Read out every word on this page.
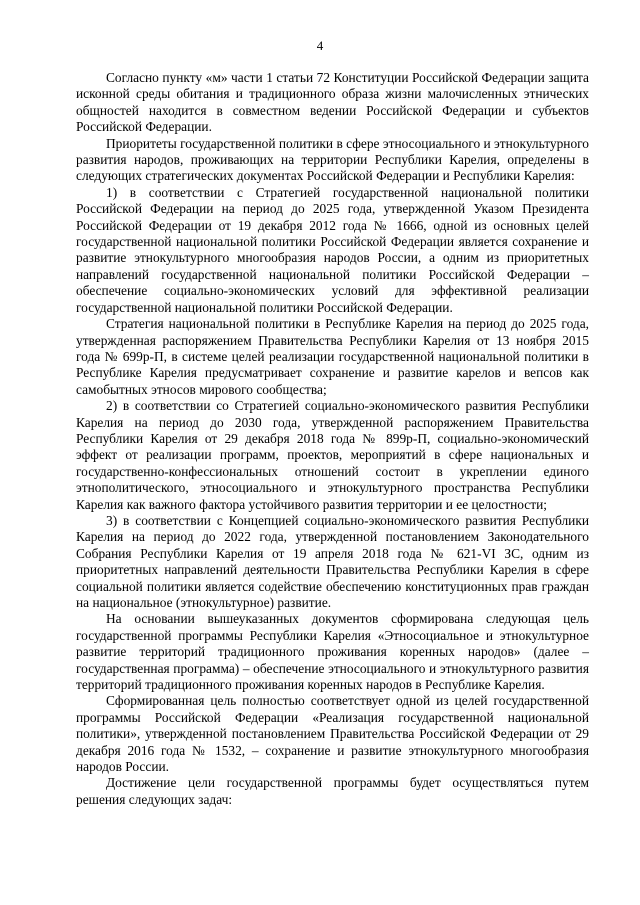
4

Согласно пункту «м» части 1 статьи 72 Конституции Российской Федерации защита исконной среды обитания и традиционного образа жизни малочисленных этнических общностей находится в совместном ведении Российской Федерации и субъектов Российской Федерации.

Приоритеты государственной политики в сфере этносоциального и этнокультурного развития народов, проживающих на территории Республики Карелия, определены в следующих стратегических документах Российской Федерации и Республики Карелия:

1) в соответствии с Стратегией государственной национальной политики Российской Федерации на период до 2025 года, утвержденной Указом Президента Российской Федерации от 19 декабря 2012 года № 1666, одной из основных целей государственной национальной политики Российской Федерации является сохранение и развитие этнокультурного многообразия народов России, а одним из приоритетных направлений государственной национальной политики Российской Федерации – обеспечение социально-экономических условий для эффективной реализации государственной национальной политики Российской Федерации.

Стратегия национальной политики в Республике Карелия на период до 2025 года, утвержденная распоряжением Правительства Республики Карелия от 13 ноября 2015 года № 699р-П, в системе целей реализации государственной национальной политики в Республике Карелия предусматривает сохранение и развитие карелов и вепсов как самобытных этносов мирового сообщества;

2) в соответствии со Стратегией социально-экономического развития Республики Карелия на период до 2030 года, утвержденной распоряжением Правительства Республики Карелия от 29 декабря 2018 года № 899р-П, социально-экономический эффект от реализации программ, проектов, мероприятий в сфере национальных и государственно-конфессиональных отношений состоит в укреплении единого этнополитического, этносоциального и этнокультурного пространства Республики Карелия как важного фактора устойчивого развития территории и ее целостности;

3) в соответствии с Концепцией социально-экономического развития Республики Карелия на период до 2022 года, утвержденной постановлением Законодательного Собрания Республики Карелия от 19 апреля 2018 года № 621-VI ЗС, одним из приоритетных направлений деятельности Правительства Республики Карелия в сфере социальной политики является содействие обеспечению конституционных прав граждан на национальное (этнокультурное) развитие.

На основании вышеуказанных документов сформирована следующая цель государственной программы Республики Карелия «Этносоциальное и этнокультурное развитие территорий традиционного проживания коренных народов» (далее – государственная программа) – обеспечение этносоциального и этнокультурного развития территорий традиционного проживания коренных народов в Республике Карелия.

Сформированная цель полностью соответствует одной из целей государственной программы Российской Федерации «Реализация государственной национальной политики», утвержденной постановлением Правительства Российской Федерации от 29 декабря 2016 года № 1532, – сохранение и развитие этнокультурного многообразия народов России.

Достижение цели государственной программы будет осуществляться путем решения следующих задач:
